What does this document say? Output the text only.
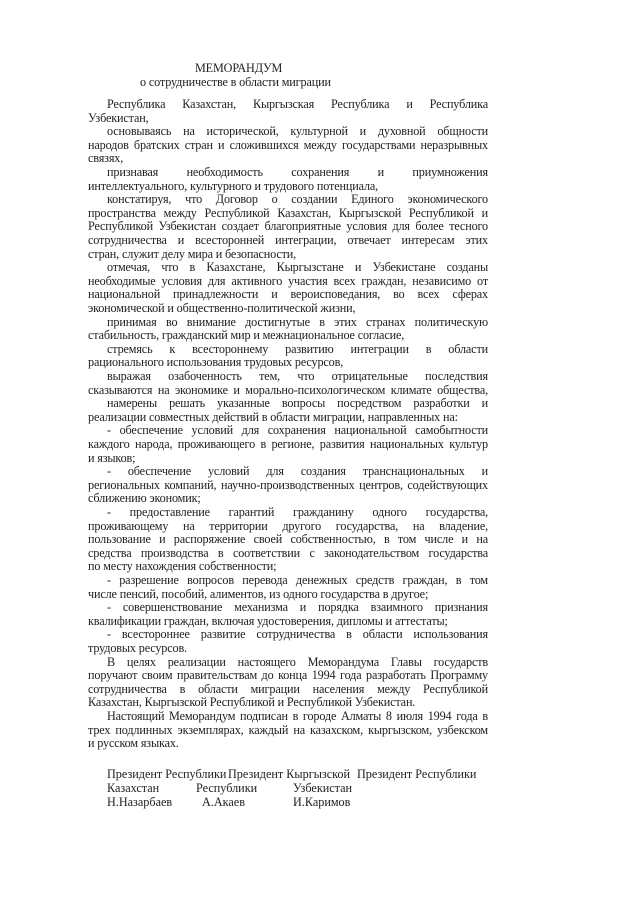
МЕМОРАНДУМ
о сотрудничестве в области миграции
Республика Казахстан, Кыргызская Республика и Республика
Узбекистан,
основываясь на исторической, культурной и духовной общности
народов братских стран и сложившихся между государствами неразрывных
связях,
признавая необходимость сохранения и приумножения
интеллектуального, культурного и трудового потенциала,
констатируя, что Договор о создании Единого экономического
пространства между Республикой Казахстан, Кыргызской Республикой и
Республикой Узбекистан создает благоприятные условия для более тесного
сотрудничества и всесторонней интеграции, отвечает интересам этих
стран, служит делу мира и безопасности,
отмечая, что в Казахстане, Кыргызстане и Узбекистане созданы
необходимые условия для активного участия всех граждан, независимо от
национальной принадлежности и вероисповедания, во всех сферах
экономической и общественно-политической жизни,
принимая во внимание достигнутые в этих странах политическую
стабильность, гражданский мир и межнациональное согласие,
стремясь к всестороннему развитию интеграции в области
рационального использования трудовых ресурсов,
выражая озабоченность тем, что отрицательные последствия
сказываются на экономике и морально-психологическом климате общества,
намерены решать указанные вопросы посредством разработки и
реализации совместных действий в области миграции, направленных на:
- обеспечение условий для сохранения национальной самобытности
каждого народа, проживающего в регионе, развития национальных культур
и языков;
- обеспечение условий для создания транснациональных и
региональных компаний, научно-производственных центров, содействующих
сближению экономик;
- предоставление гарантий гражданину одного государства,
проживающему на территории другого государства, на владение,
пользование и распоряжение своей собственностью, в том числе и на
средства производства в соответствии с законодательством государства
по месту нахождения собственности;
- разрешение вопросов перевода денежных средств граждан, в том
числе пенсий, пособий, алиментов, из одного государства в другое;
- совершенствование механизма и порядка взаимного признания
квалификации граждан, включая удостоверения, дипломы и аттестаты;
- всестороннее развитие сотрудничества в области использования
трудовых ресурсов.
В целях реализации настоящего Меморандума Главы государств
поручают своим правительствам до конца 1994 года разработать Программу
сотрудничества в области миграции населения между Республикой
Казахстан, Кыргызской Республикой и Республикой Узбекистан.
Настоящий Меморандум подписан в городе Алматы 8 июля 1994 года в
трех подлинных экземплярах, каждый на казахском, кыргызском, узбекском
и русском языках.
Президент Республики Президент Кыргызской Президент Республики
Казахстан	Республики	Узбекистан
Н.Назарбаев А.Акаев	И.Каримов
